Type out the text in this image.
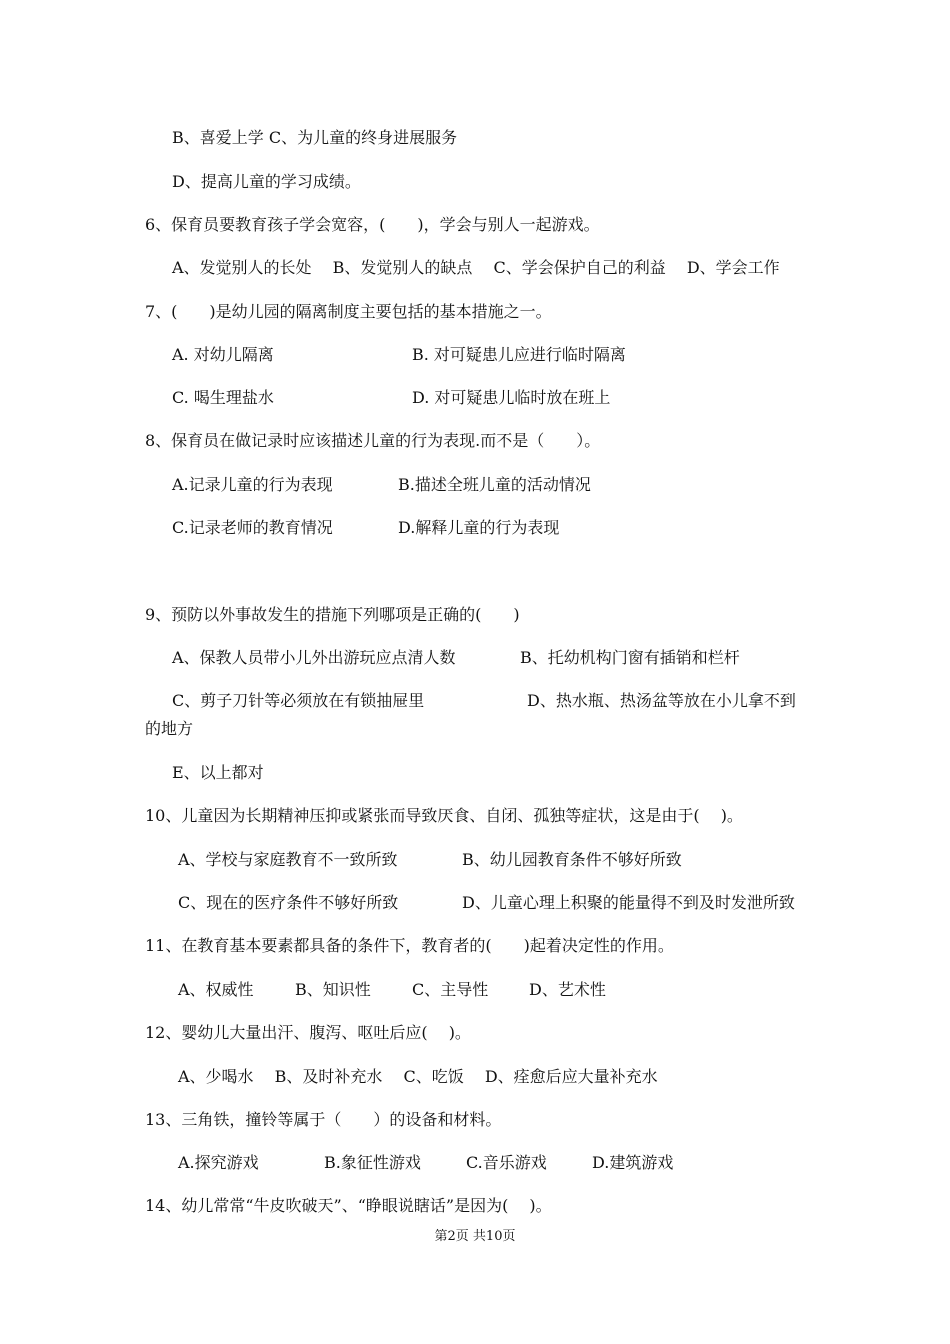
B、喜爱上学 C、为儿童的终身进展服务
D、提高儿童的学习成绩。
6、保育员要教育孩子学会宽容，(　　)，学会与别人一起游戏。
A、发觉别人的长处　 B、发觉别人的缺点　 C、学会保护自己的利益　 D、学会工作
7、(　　)是幼儿园的隔离制度主要包括的基本措施之一。
A. 对幼儿隔离	B. 对可疑患儿应进行临时隔离
C. 喝生理盐水	D. 对可疑患儿临时放在班上
8、保育员在做记录时应该描述儿童的行为表现.而不是（　　）。
A.记录儿童的行为表现	B.描述全班儿童的活动情况
C.记录老师的教育情况	D.解释儿童的行为表现
9、预防以外事故发生的措施下列哪项是正确的(　　)
A、保教人员带小儿外出游玩应点清人数	B、托幼机构门窗有插销和栏杆
C、剪子刀针等必须放在有锁抽屉里	D、热水瓶、热汤盆等放在小儿拿不到
的地方
E、以上都对
10、儿童因为长期精神压抑或紧张而导致厌食、自闭、孤独等症状，这是由于(　 )。
A、学校与家庭教育不一致所致	B、幼儿园教育条件不够好所致
C、现在的医疗条件不够好所致	D、儿童心理上积聚的能量得不到及时发泄所致
11、在教育基本要素都具备的条件下，教育者的(　　)起着决定性的作用。
A、权威性	B、知识性	C、主导性	D、艺术性
12、婴幼儿大量出汗、腹泻、呕吐后应(　 )。
A、少喝水　 B、及时补充水　 C、吃饭　 D、痊愈后应大量补充水
13、三角铁，撞铃等属于（　　）的设备和材料。
A.探究游戏	B.象征性游戏	C.音乐游戏	D.建筑游戏
14、幼儿常常“牛皮吹破天”、“睁眼说瞎话”是因为(　 )。
第2页 共10页
